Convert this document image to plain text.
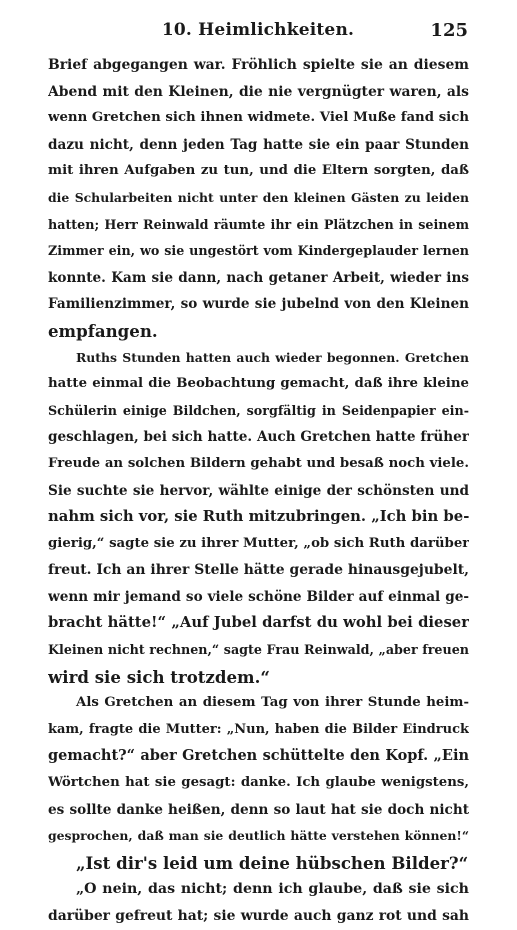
10. Heimlichkeiten.	125
Brief abgegangen war. Fröhlich spielte sie an diesem
Abend mit den Kleinen, die nie vergnügter waren, als
wenn Gretchen sich ihnen widmete. Viel Muße fand sich
dazu nicht, denn jeden Tag hatte sie ein paar Stunden
mit ihren Aufgaben zu tun, und die Eltern sorgten, daß
die Schularbeiten nicht unter den kleinen Gästen zu leiden
hatten; Herr Reinwald räumte ihr ein Plätzchen in seinem
Zimmer ein, wo sie ungestört vom Kindergeplauder lernen
konnte. Kam sie dann, nach getaner Arbeit, wieder ins
Familienzimmer, so wurde sie jubelnd von den Kleinen
empfangen.
Ruths Stunden hatten auch wieder begonnen. Gretchen
hatte einmal die Beobachtung gemacht, daß ihre kleine
Schülerin einige Bildchen, sorgfältig in Seidenpapier ein-
geschlagen, bei sich hatte. Auch Gretchen hatte früher
Freude an solchen Bildern gehabt und besaß noch viele.
Sie suchte sie hervor, wählte einige der schönsten und
nahm sich vor, sie Ruth mitzubringen. „Ich bin be-
gierig,“ sagte sie zu ihrer Mutter, „ob sich Ruth darüber
freut. Ich an ihrer Stelle hätte gerade hinausgejubelt,
wenn mir jemand so viele schöne Bilder auf einmal ge-
bracht hätte!“ „Auf Jubel darfst du wohl bei dieser
Kleinen nicht rechnen,“ sagte Frau Reinwald, „aber freuen
wird sie sich trotzdem.“
Als Gretchen an diesem Tag von ihrer Stunde heim-
kam, fragte die Mutter: „Nun, haben die Bilder Eindruck
gemacht?“ aber Gretchen schüttelte den Kopf. „Ein
Wörtchen hat sie gesagt: danke. Ich glaube wenigstens,
es sollte danke heißen, denn so laut hat sie doch nicht
gesprochen, daß man sie deutlich hätte verstehen können!“
„Ist dir's leid um deine hübschen Bilder?“
„O nein, das nicht; denn ich glaube, daß sie sich
darüber gefreut hat; sie wurde auch ganz rot und sah
